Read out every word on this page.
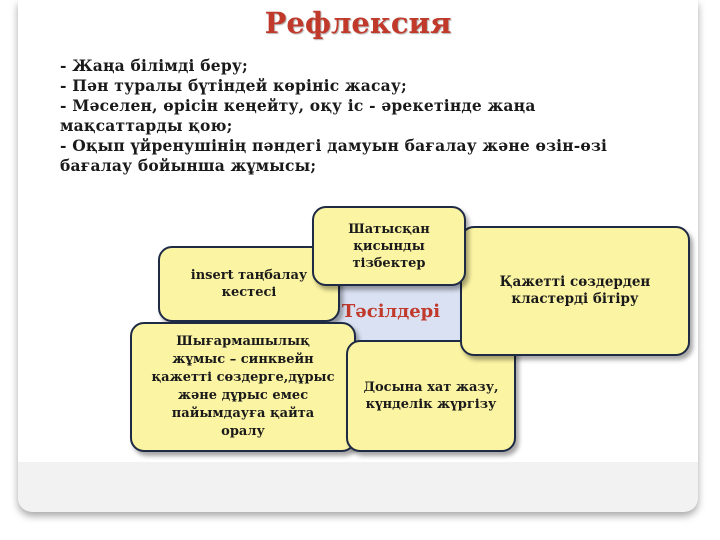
Рефлексия
- Жаңа білімді беру;
- Пән туралы бүтіндей көрініс жасау;
- Мәселен, өрісін кеңейту, оқу іс - әрекетінде жаңа
мақсаттарды қою;
- Оқып үйренушінің пәндегі дамуын бағалау және өзін-өзі
бағалау бойынша жұмысы;
Тәсілдері
insert таңбалау
кестесі
Шығармашылық
жұмыс – синквейн
қажетті сөздерге,дұрыс
және дұрыс емес
пайымдауға қайта
оралу
Досына хат жазу,
күнделік жүргізу
Қажетті сөздерден
кластерді бітіру
Шатысқан
қисынды
тізбектер
